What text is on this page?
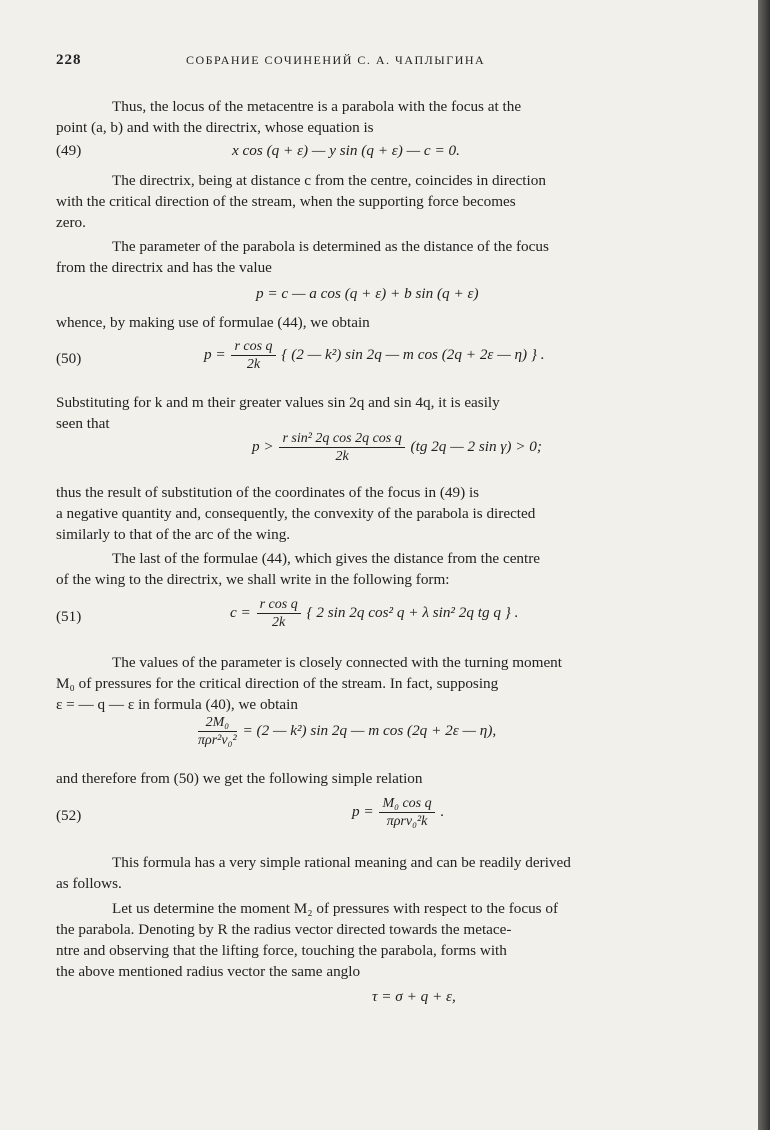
228	СОБРАНИЕ СОЧИНЕНИЙ С. А. ЧАПЛЫГИНА
Thus, the locus of the metacentre is a parabola with the focus at the
point (a, b) and with the directrix, whose equation is
(49)	x cos (q + ε) — y sin (q + ε) — c = 0.
The directrix, being at distance c from the centre, coincides in direction
with the critical direction of the stream, when the supporting force becomes
zero.
The parameter of the parabola is determined as the distance of the focus
from the directrix and has the value
p = c — a cos (q + ε) + b sin (q + ε)
whence, by making use of formulae (44), we obtain
(50)	$p = \frac{\text{r cos q}}{2k}$ { (2 — k²) sin 2q — m cos (2q + 2ε — η) } .
Substituting for k and m their greater values sin 2q and sin 4q, it is easily
seen that
$p > \frac{\text{r sin² 2q cos 2q cos q}}{2k} (tg$ 2q — 2 sin γ) > 0;
thus the result of substitution of the coordinates of the focus in (49) is
a negative quantity and, consequently, the convexity of the parabola is directed
similarly to that of the arc of the wing.
The last of the formulae (44), which gives the distance from the centre
of the wing to the directrix, we shall write in the following form:
(51)	$c = \frac{\text{r cos q}}{2k}$ { 2 sin 2q cos² q + λ sin² 2q tg q } .
The values of the parameter is closely connected with the turning moment
M₀ of pressures for the critical direction of the stream. In fact, supposing
ε = — q — ε in formula (40), we obtain
$\frac{\text{2M₀}}{\text{πρr²v₀²}} = (2$ — k²) sin 2q — m cos (2q + 2ε — η),
and therefore from (50) we get the following simple relation
(52)	$p = \frac{\text{M₀ cos q}}{\text{πρrv₀²k}}$ .
This formula has a very simple rational meaning and can be readily derived
as follows.
Let us determine the moment M₂ of pressures with respect to the focus of
the parabola. Denoting by R the radius vector directed towards the metace-
ntre and observing that the lifting force, touching the parabola, forms with
the above mentioned radius vector the same anglo
τ = σ + q + ε,
